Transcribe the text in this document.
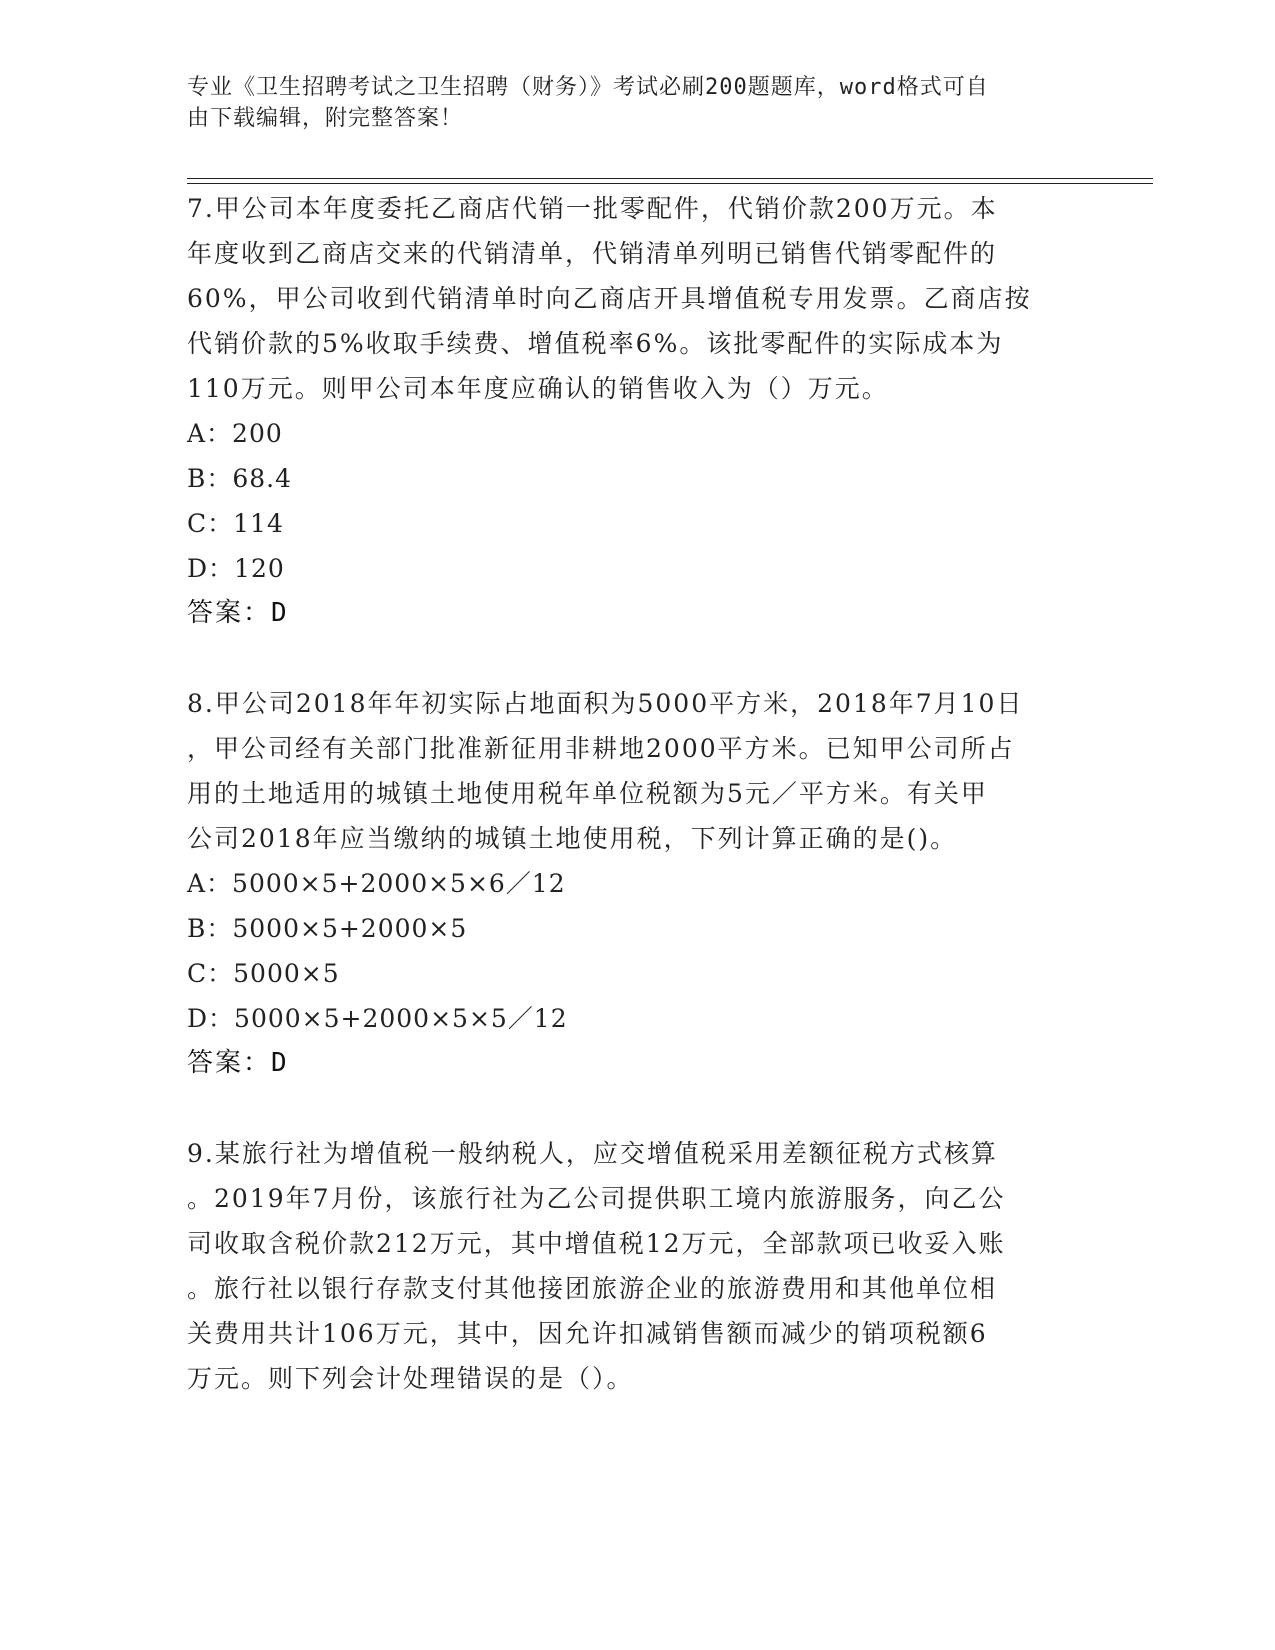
专业《卫生招聘考试之卫生招聘（财务）》考试必刷200题题库，word格式可自
由下载编辑，附完整答案！
7.甲公司本年度委托乙商店代销一批零配件，代销价款200万元。本
年度收到乙商店交来的代销清单，代销清单列明已销售代销零配件的
60%，甲公司收到代销清单时向乙商店开具增值税专用发票。乙商店按
代销价款的5%收取手续费、增值税率6%。该批零配件的实际成本为
110万元。则甲公司本年度应确认的销售收入为（）万元。
A：200
B：68.4
C：114
D：120
答案：D
8.甲公司2018年年初实际占地面积为5000平方米，2018年7月10日
，甲公司经有关部门批准新征用非耕地2000平方米。已知甲公司所占
用的土地适用的城镇土地使用税年单位税额为5元／平方米。有关甲
公司2018年应当缴纳的城镇土地使用税，下列计算正确的是()。
A：5000×5+2000×5×6／12
B：5000×5+2000×5
C：5000×5
D：5000×5+2000×5×5／12
答案：D
9.某旅行社为增值税一般纳税人，应交增值税采用差额征税方式核算
。2019年7月份，该旅行社为乙公司提供职工境内旅游服务，向乙公
司收取含税价款212万元，其中增值税12万元，全部款项已收妥入账
。旅行社以银行存款支付其他接团旅游企业的旅游费用和其他单位相
关费用共计106万元，其中，因允许扣减销售额而减少的销项税额6
万元。则下列会计处理错误的是（）。
